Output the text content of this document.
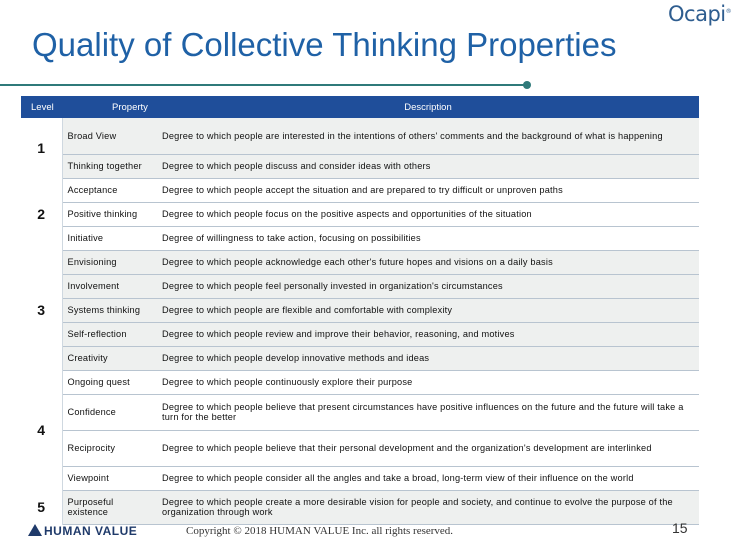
Ocapi®
Quality of Collective Thinking Properties
Level	Property	Description
1	Broad View	Degree to which people are interested in the intentions of others' comments and the background of what is happening
	Thinking together	Degree to which people discuss and consider ideas with others
2	Acceptance	Degree to which people accept the situation and are prepared to try difficult or unproven paths
	Positive thinking	Degree to which people focus on the positive aspects and opportunities of the situation
	Initiative	Degree of willingness to take action, focusing on possibilities
3	Envisioning	Degree to which people acknowledge each other's future hopes and visions on a daily basis
	Involvement	Degree to which people feel personally invested in organization's circumstances
	Systems thinking	Degree to which people are flexible and comfortable with complexity
	Self-reflection	Degree to which people review and improve their behavior, reasoning, and motives
	Creativity	Degree to which people develop innovative methods and ideas
4	Ongoing quest	Degree to which people continuously explore their purpose
	Confidence	Degree to which people believe that present circumstances have positive influences on the future and the future will take a turn for the better
	Reciprocity	Degree to which people believe that their personal development and the organization's development are interlinked
	Viewpoint	Degree to which people consider all the angles and take a broad, long-term view of their influence on the world
5	Purposeful existence	Degree to which people create a more desirable vision for people and society, and continue to evolve the purpose of the organization through work
HUMAN VALUE	Copyright © 2018 HUMAN VALUE Inc. all rights reserved.	15
